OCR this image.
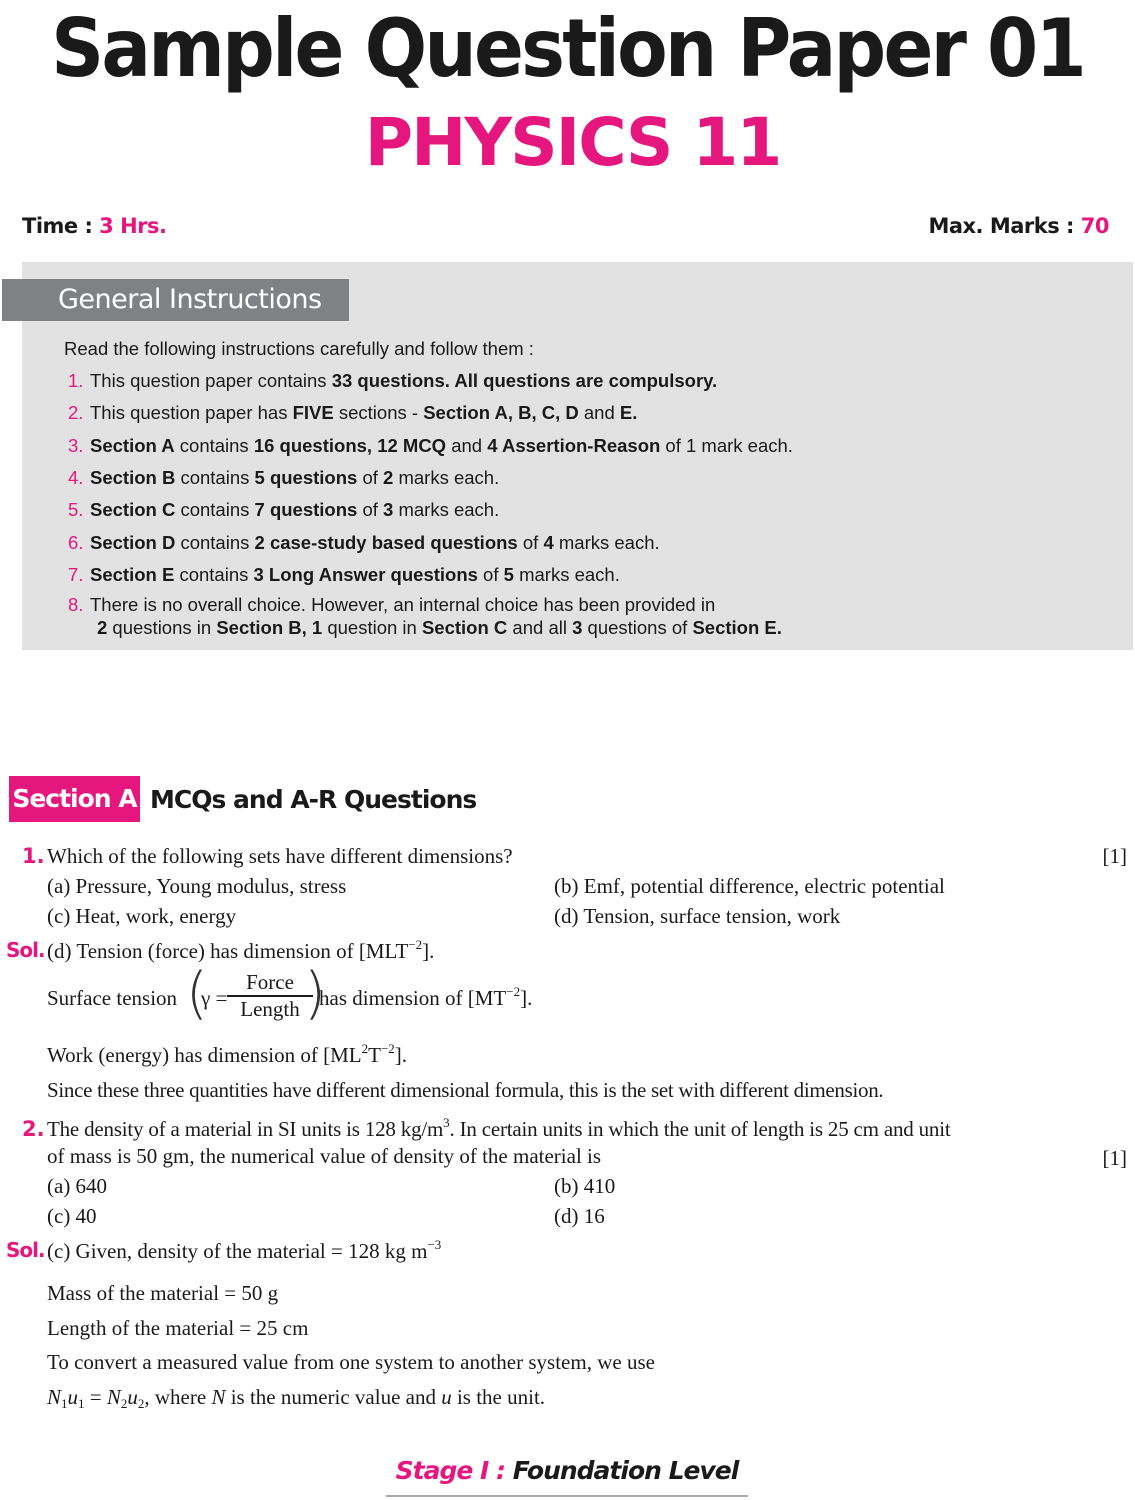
Sample Question Paper 01
PHYSICS 11
Time : 3 Hrs.	Max. Marks : 70
General Instructions
Read the following instructions carefully and follow them :
1. This question paper contains 33 questions. All questions are compulsory.
2. This question paper has FIVE sections - Section A, B, C, D and E.
3. Section A contains 16 questions, 12 MCQ and 4 Assertion-Reason of 1 mark each.
4. Section B contains 5 questions of 2 marks each.
5. Section C contains 7 questions of 3 marks each.
6. Section D contains 2 case-study based questions of 4 marks each.
7. Section E contains 3 Long Answer questions of 5 marks each.
8. There is no overall choice. However, an internal choice has been provided in
2 questions in Section B, 1 question in Section C and all 3 questions of Section E.
Section A MCQs and A-R Questions
1. Which of the following sets have different dimensions?	[1]
(a) Pressure, Young modulus, stress	(b) Emf, potential difference, electric potential
(c) Heat, work, energy	(d) Tension, surface tension, work
Sol. (d) Tension (force) has dimension of $[MLT^{-2}]$.
Surface tension (
γ =
Force
Length )
has dimension of $[MT^{-2}]$.
Work (energy) has dimension of $[ML^2T^{-2}]$.
Since these three quantities have different dimensional formula, this is the set with different dimension.
2. The density of a material in SI units is 128 $kg/m^3$. In certain units in which the unit of length is 25 cm and unit
of mass is 50 gm, the numerical value of density of the material is	[1]
(a) 640	(b) 410
(c) 40	(d) 16
Sol. (c) Given, density of the material = 128 kg $m^{-3}$
Mass of the material = 50 g
Length of the material = 25 cm
To convert a measured value from one system to another system, we use
$N_1u_1 = N_2u_2$, where N is the numeric value and u is the unit.
Stage I : Foundation Level
